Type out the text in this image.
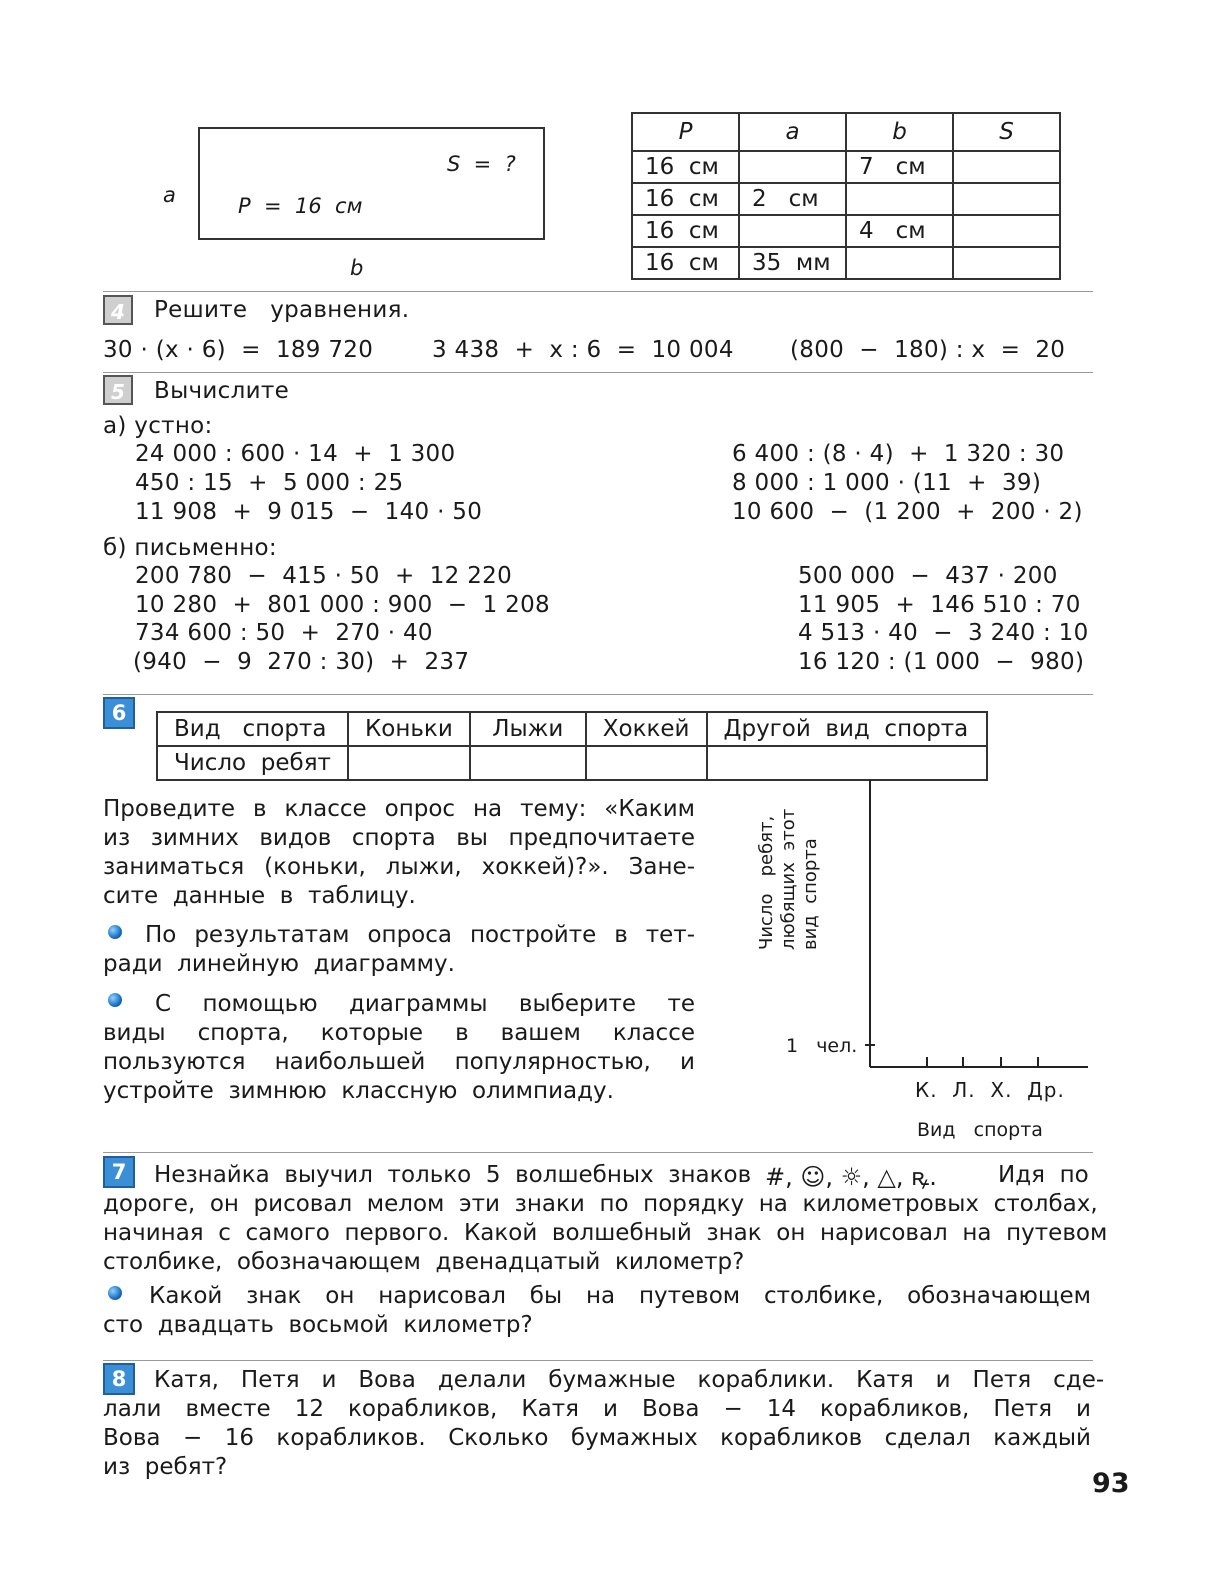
a
b
S  =  ?
P  =  16  см
P	a	b	S
16  см		7   см	
16  см	2   см		
16  см		4   см	
16  см	35  мм		
4	Решите   уравнения.
30 · (x · 6)  =  189 720	3 438  +  x : 6  =  10 004 (800  −  180) : x  =  20
5	Вычислите
а) устно:
24 000 : 600 · 14  +  1 300
450 : 15  +  5 000 : 25
11 908  +  9 015  −  140 · 50
6 400 : (8 · 4)  +  1 320 : 30
8 000 : 1 000 · (11  +  39)
10 600  −  (1 200  +  200 · 2)
б) письменно:
200 780  −  415 · 50  +  12 220
10 280  +  801 000 : 900  −  1 208
734 600 : 50  +  270 · 40
(940  −  9  270 : 30)  +  237
500 000  −  437 · 200
11 905  +  146 510 : 70
4 513 · 40  −  3 240 : 10
16 120 : (1 000  −  980)
6
Вид   спорта	Коньки	Лыжи	Хоккей	Другой  вид  спорта
Число  ребят				
Проведите  в  классе  опрос  на  тему:  «Каким
из  зимних  видов  спорта  вы  предпочитаете
заниматься  (коньки,  лыжи,  хоккей)?».  Зане-
сите  данные  в  таблицу.
По  результатам  опроса  постройте  в  тет-
ради  линейную  диаграмму.
С  помощью  диаграммы  выберите  те
виды  спорта,  которые  в  вашем  классе
пользуются  наибольшей  популярностью,  и
устройте  зимнюю  классную  олимпиаду.
Число   ребят, любящих  этот вид  спорта
1   чел.
К.  Л.  Х.  Др.
Вид   спорта
7	Незнайка  выучил  только  5  волшебных  знаков #, ☺, ☼, △, ꝶ.	Идя  по
дороге,  он  рисовал  мелом  эти  знаки  по  порядку  на  километровых  столбах,
начиная  с  самого  первого.  Какой  волшебный  знак  он  нарисовал  на  путевом
столбике,  обозначающем  двенадцатый  километр?
Какой   знак   он   нарисовал   бы   на   путевом   столбике,   обозначающем
сто  двадцать  восьмой  километр?
8	Катя,   Петя   и   Вова   делали   бумажные   кораблики.   Катя   и   Петя   сде-
лали   вместе   12   корабликов,   Катя   и   Вова   −   14   корабликов,   Петя   и
Вова   −   16   корабликов.   Сколько   бумажных   корабликов   сделал   каждый
из  ребят?
93
